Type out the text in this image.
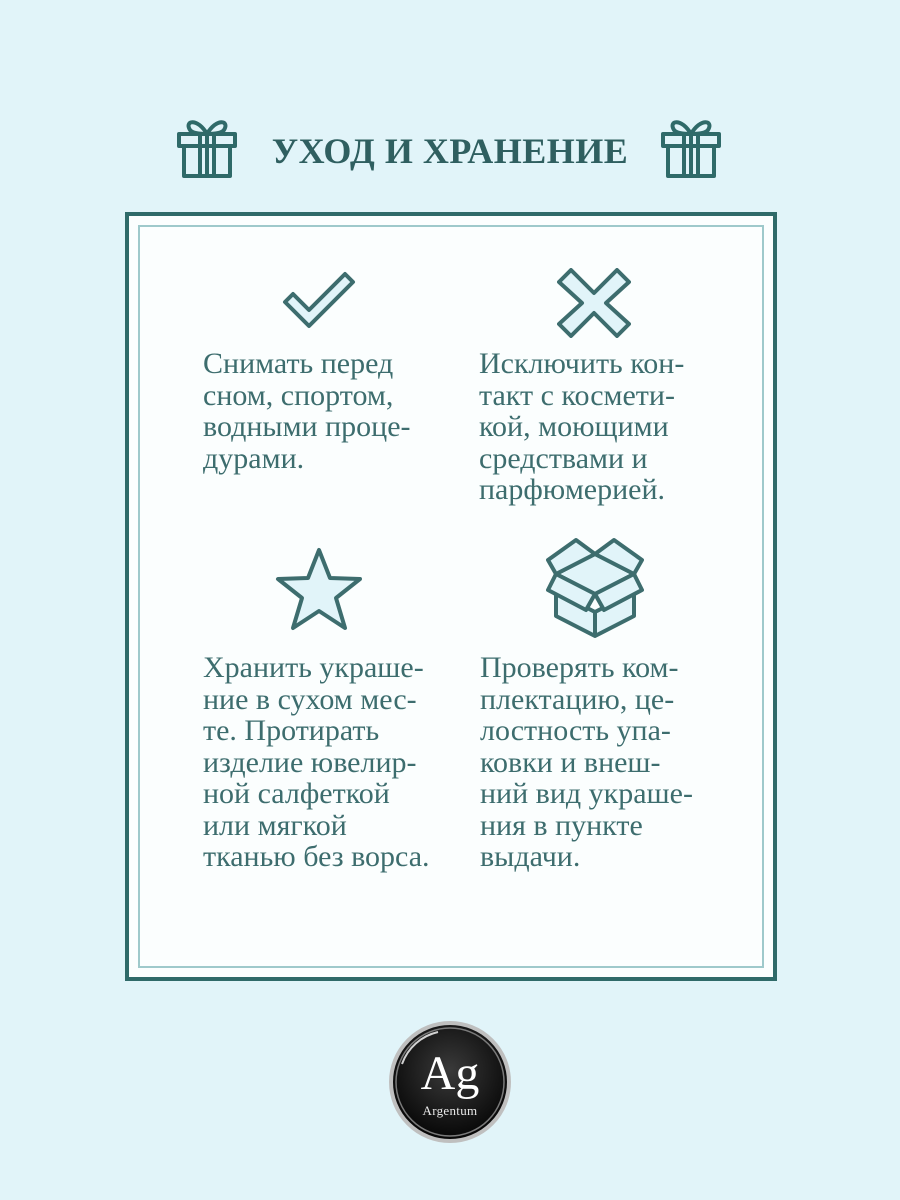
УХОД И ХРАНЕНИЕ
Снимать перед
сном, спортом,
водными проце-
дурами.
Исключить кон-
такт с космети-
кой, моющими
средствами и
парфюмерией.
Хранить украше-
ние в сухом мес-
те. Протирать
изделие ювелир-
ной салфеткой
или мягкой
тканью без ворса.
Проверять ком-
плектацию, це-
лостность упа-
ковки и внеш-
ний вид украше-
ния в пункте
выдачи.
Ag
Argentum
